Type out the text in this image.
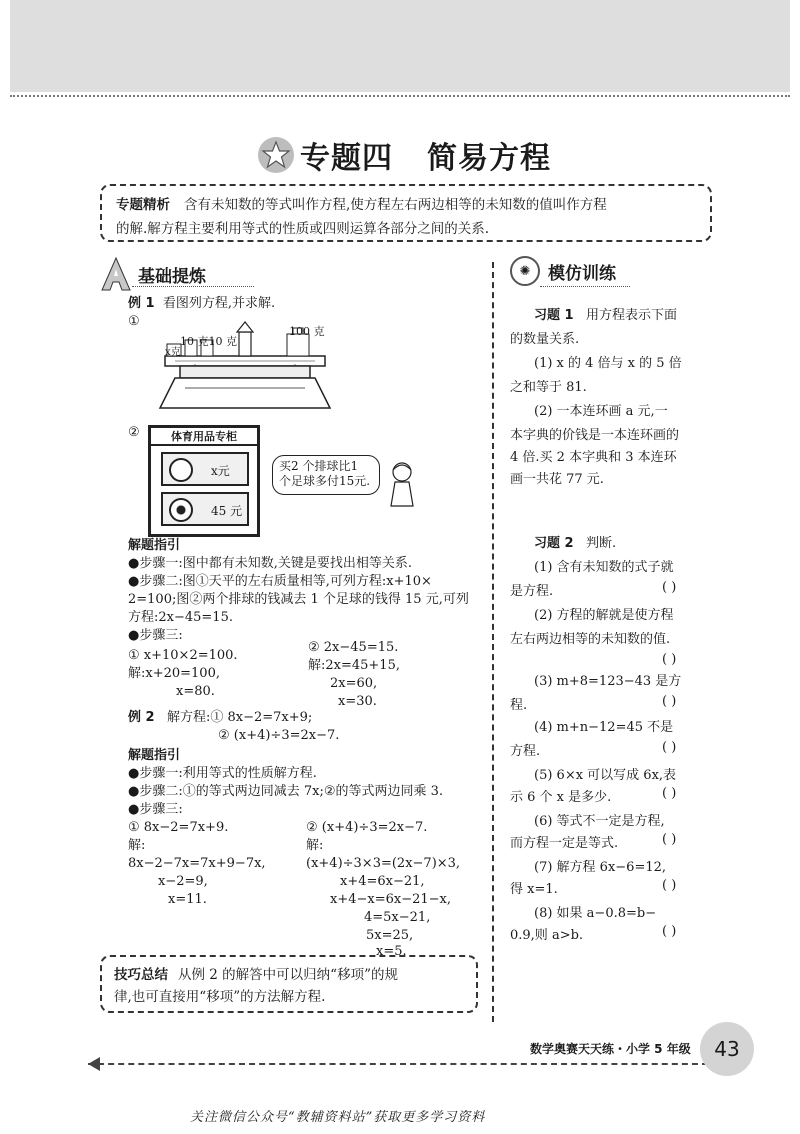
专题四 简易方程
专题精析 含有未知数的等式叫作方程,使方程左右两边相等的未知数的值叫作方程
的解.解方程主要利用等式的性质或四则运算各部分之间的关系.
基础提炼
例 1 看图列方程,并求解.
①
x克
10 克10 克
100 克
②	体育用品专柜
x元
45 元
买2 个排球比1 个足球多付15元.
解题指引
●步骤一:图中都有未知数,关键是要找出相等关系.
●步骤二:图①天平的左右质量相等,可列方程:x+10×
2=100;图②两个排球的钱减去 1 个足球的钱得 15 元,可列
方程:2x−45=15.
●步骤三:
① x+10×2=100.
解:x+20=100,
x=80.
② 2x−45=15.
解:2x=45+15,
2x=60,
x=30.
例 2 解方程:① 8x−2=7x+9;
② (x+4)÷3=2x−7.
解题指引
●步骤一:利用等式的性质解方程.
●步骤二:①的等式两边同减去 7x;②的等式两边同乘 3.
●步骤三:
① 8x−2=7x+9.
解:
8x−2−7x=7x+9−7x,
x−2=9,
x=11.
② (x+4)÷3=2x−7.
解:
(x+4)÷3×3=(2x−7)×3,
x+4=6x−21,
x+4−x=6x−21−x,
4=5x−21,
5x=25,
x=5.
技巧总结 从例 2 的解答中可以归纳“移项”的规
律,也可直接用“移项”的方法解方程.
✺	模仿训练
习题 1 用方程表示下面
的数量关系.
(1) x 的 4 倍与 x 的 5 倍
之和等于 81.
(2) 一本连环画 a 元,一
本字典的价钱是一本连环画的
4 倍.买 2 本字典和 3 本连环
画一共花 77 元.
习题 2 判断.
(1) 含有未知数的式子就
是方程.	( )
(2) 方程的解就是使方程
左右两边相等的未知数的值.
( )
(3) m+8=123−43 是方
程.	( )
(4) m+n−12=45 不是
方程.	( )
(5) 6×x 可以写成 6x,表
示 6 个 x 是多少.	( )
(6) 等式不一定是方程,
而方程一定是等式.	( )
(7) 解方程 6x−6=12,
得 x=1.	( )
(8) 如果 a−0.8=b−
0.9,则 a>b.	( )
数学奥赛天天练・小学 5 年级 43
关注微信公众号“教辅资料站”获取更多学习资料
